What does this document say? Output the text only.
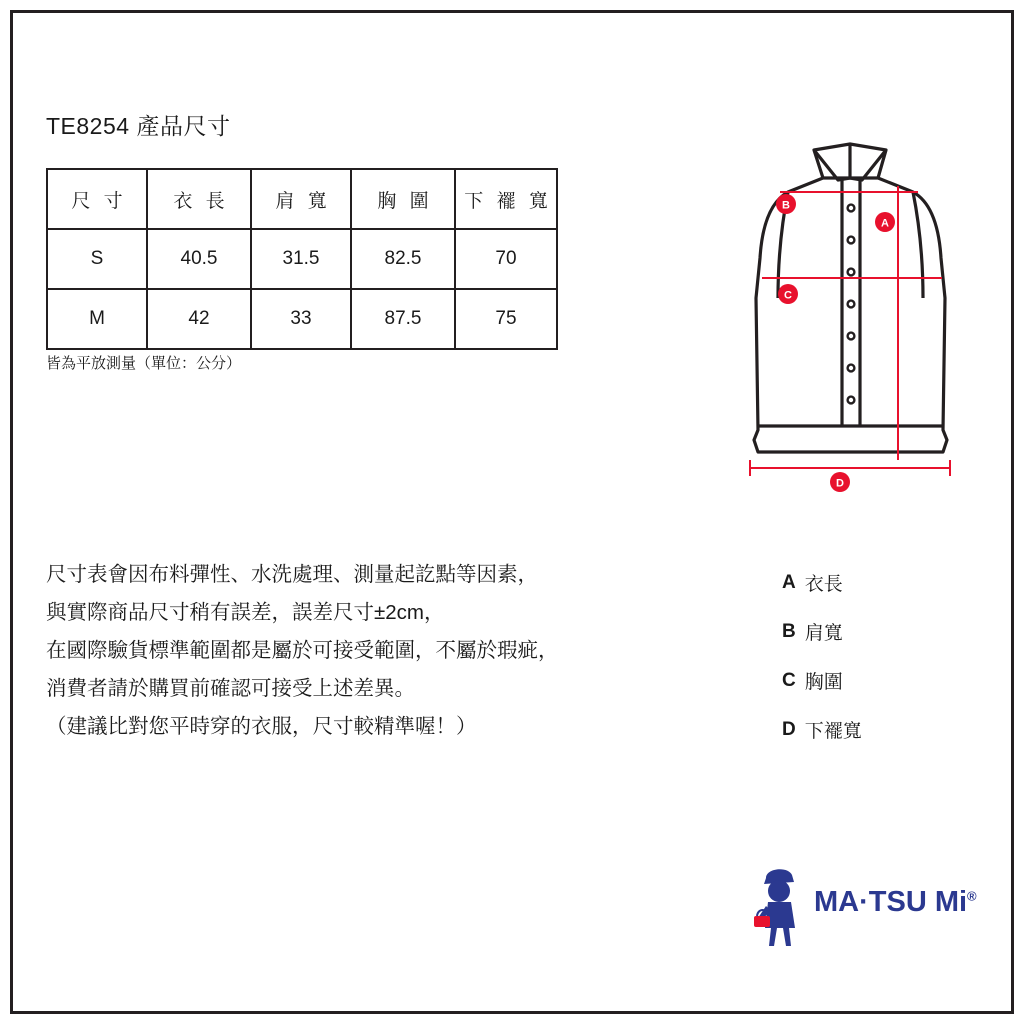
TE8254 產品尺寸
尺 寸	衣 長	肩 寬	胸 圍	下 襬 寬
S	40.5	31.5	82.5	70
M	42	33	87.5	75
皆為平放測量（單位：公分）
B
A
C
D
尺寸表會因布料彈性、水洗處理、測量起訖點等因素，
與實際商品尺寸稍有誤差，誤差尺寸±2cm，
在國際驗貨標準範圍都是屬於可接受範圍，不屬於瑕疵，
消費者請於購買前確認可接受上述差異。
（建議比對您平時穿的衣服，尺寸較精準喔！）
A 衣長
B 肩寬
C 胸圍
D 下襬寬
MA·TSU Mi®
